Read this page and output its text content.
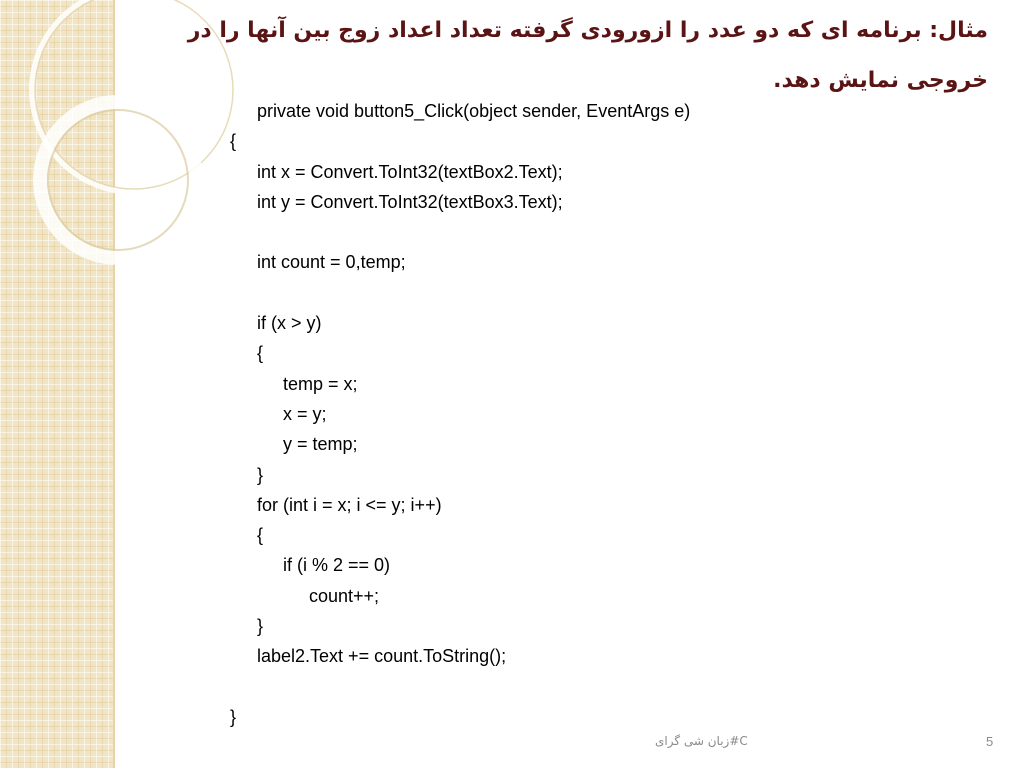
مثال: برنامه ای که دو عدد را ازورودی گرفته تعداد اعداد زوج بین آنها را در خروجی نمایش دهد.
private void button5_Click(object sender, EventArgs e)
{
int x = Convert.ToInt32(textBox2.Text);
int y = Convert.ToInt32(textBox3.Text);
int count = 0,temp;
if (x > y)
{
temp = x;
x = y;
y = temp;
}
for (int i = x; i <= y; i++)
{
if (i % 2 == 0)
count++;
}
label2.Text += count.ToString();
}
زبان شی گرای#C	5
